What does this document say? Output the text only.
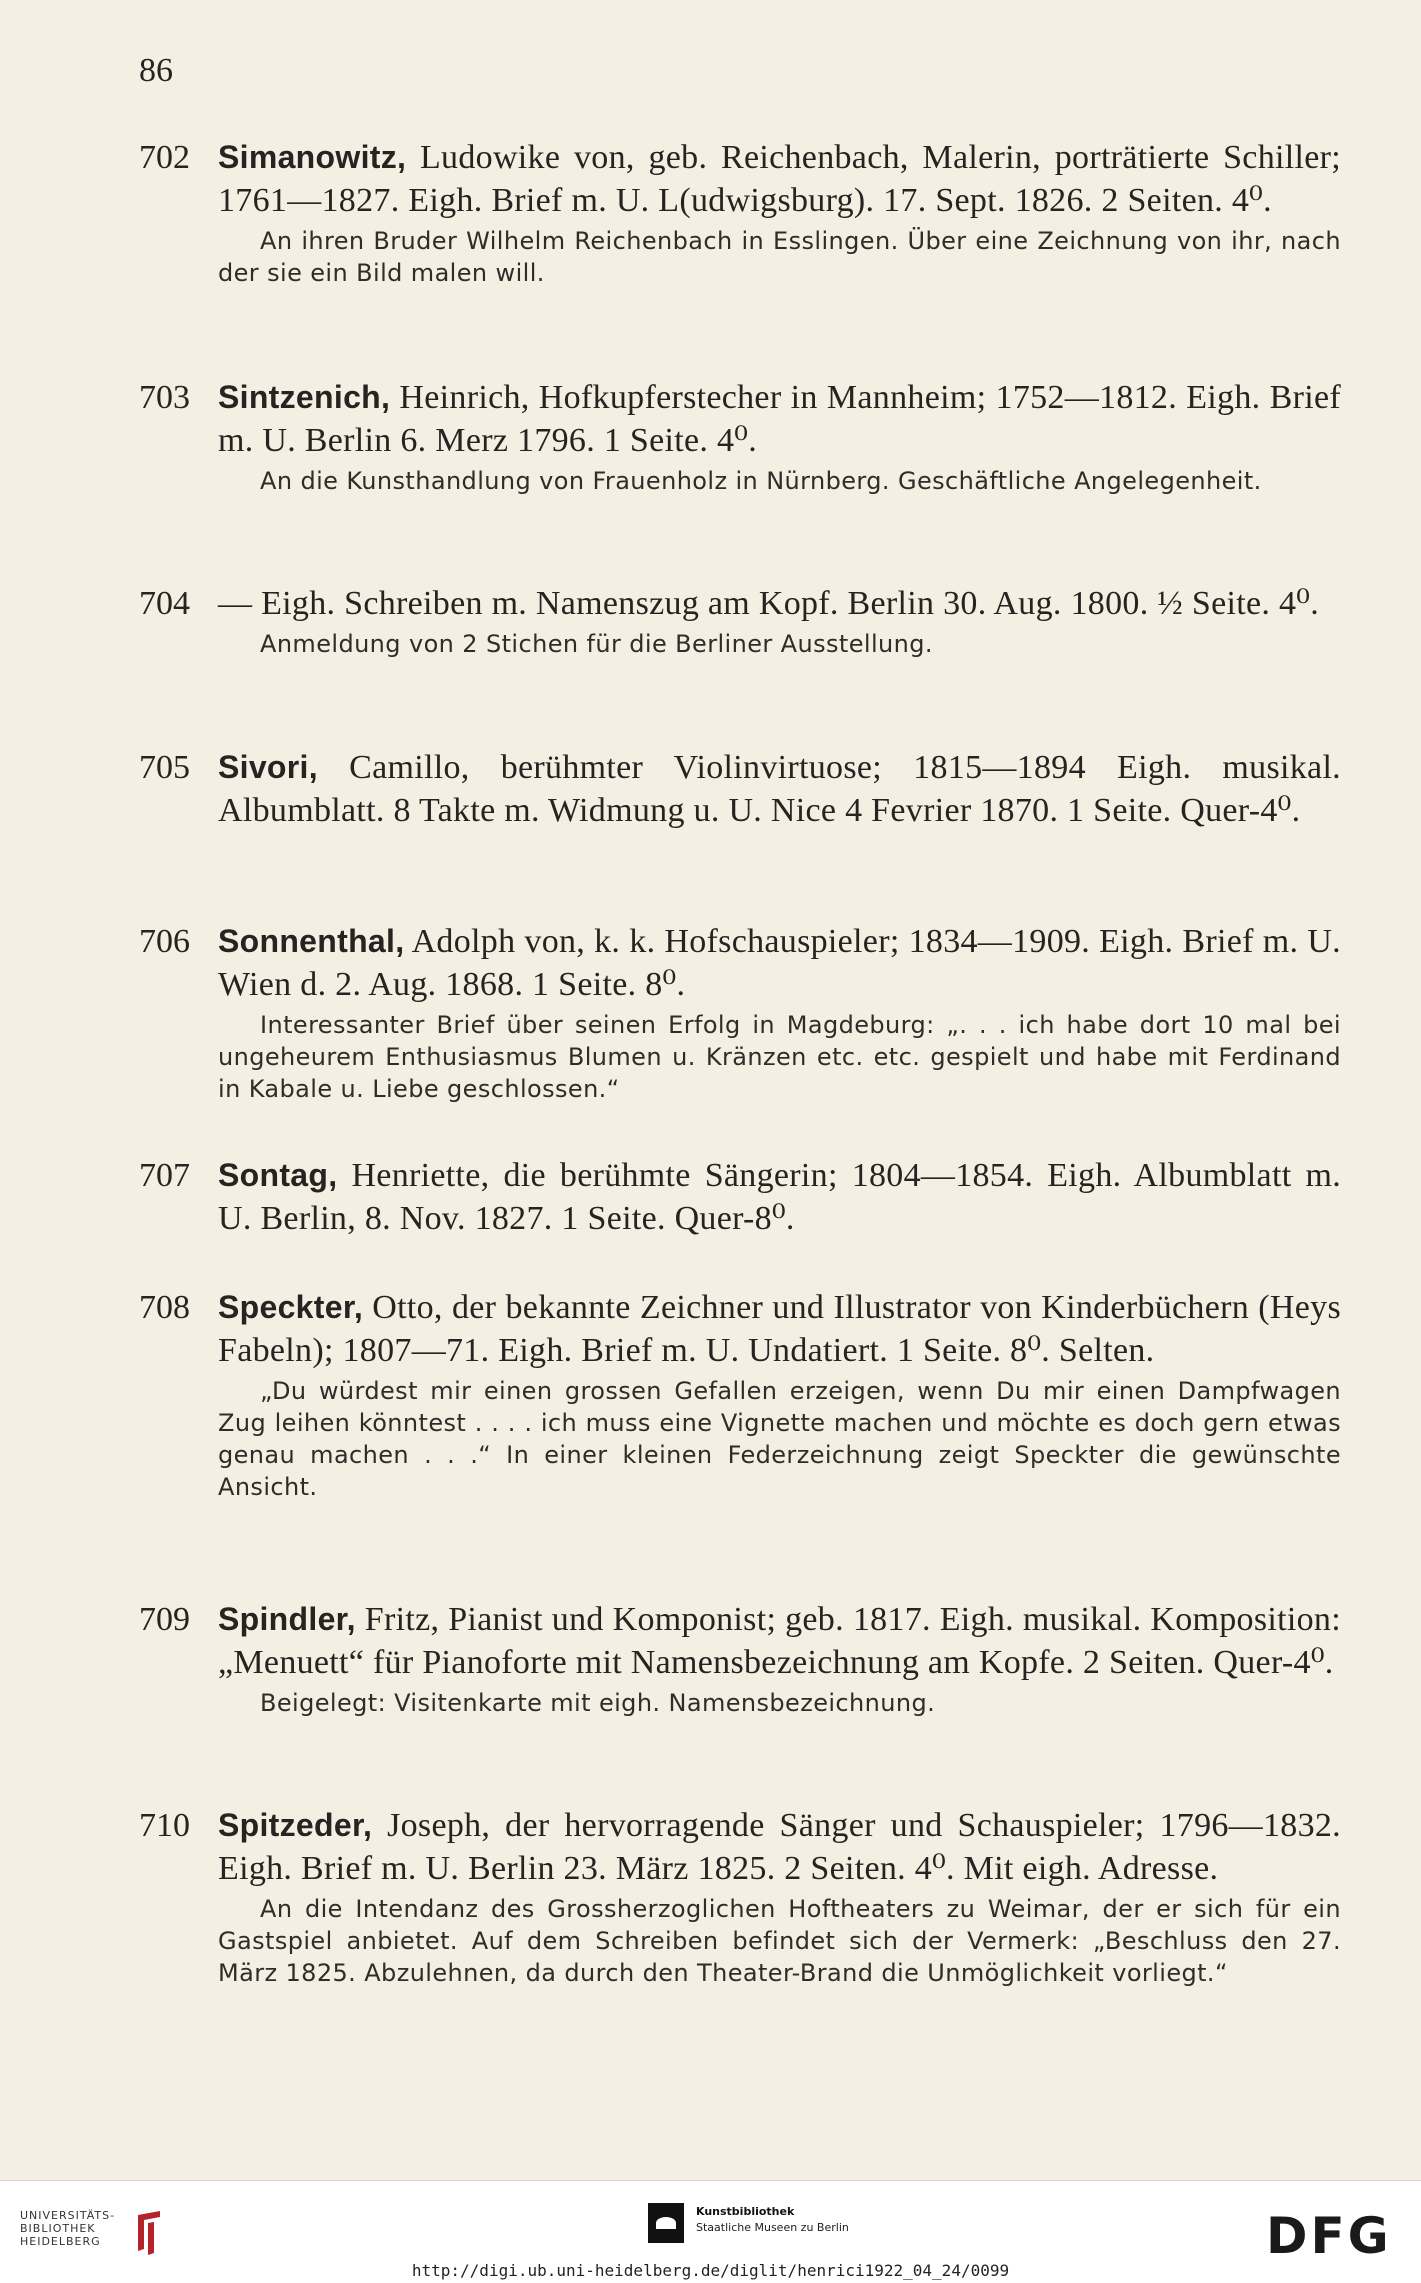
86
702 Simanowitz, Ludowike von, geb. Reichenbach, Malerin, porträtierte Schiller; 1761—1827. Eigh. Brief m. U. L(udwigsburg). 17. Sept. 1826. 2 Seiten. 4⁰.
An ihren Bruder Wilhelm Reichenbach in Esslingen. Über eine Zeichnung von ihr, nach der sie ein Bild malen will.
703 Sintzenich, Heinrich, Hofkupferstecher in Mannheim; 1752—1812. Eigh. Brief m. U. Berlin 6. Merz 1796. 1 Seite. 4⁰.
An die Kunsthandlung von Frauenholz in Nürnberg. Geschäftliche Angelegenheit.
704 — Eigh. Schreiben m. Namenszug am Kopf. Berlin 30. Aug. 1800. ½ Seite. 4⁰.
Anmeldung von 2 Stichen für die Berliner Ausstellung.
705 Sivori, Camillo, berühmter Violinvirtuose; 1815—1894 Eigh. musikal. Albumblatt. 8 Takte m. Widmung u. U. Nice 4 Fevrier 1870. 1 Seite. Quer-4⁰.
706 Sonnenthal, Adolph von, k. k. Hofschauspieler; 1834—1909. Eigh. Brief m. U. Wien d. 2. Aug. 1868. 1 Seite. 8⁰.
Interessanter Brief über seinen Erfolg in Magdeburg: „. . . ich habe dort 10 mal bei ungeheurem Enthusiasmus Blumen u. Kränzen etc. etc. gespielt und habe mit Ferdinand in Kabale u. Liebe geschlossen.“
707 Sontag, Henriette, die berühmte Sängerin; 1804—1854. Eigh. Albumblatt m. U. Berlin, 8. Nov. 1827. 1 Seite. Quer-8⁰.
708 Speckter, Otto, der bekannte Zeichner und Illustrator von Kinderbüchern (Heys Fabeln); 1807—71. Eigh. Brief m. U. Undatiert. 1 Seite. 8⁰. Selten.
„Du würdest mir einen grossen Gefallen erzeigen, wenn Du mir einen Dampfwagen Zug leihen könntest . . . . ich muss eine Vignette machen und möchte es doch gern etwas genau machen . . .“ In einer kleinen Federzeichnung zeigt Speckter die gewünschte Ansicht.
709 Spindler, Fritz, Pianist und Komponist; geb. 1817. Eigh. musikal. Komposition: „Menuett“ für Pianoforte mit Namensbezeichnung am Kopfe. 2 Seiten. Quer-4⁰.
Beigelegt: Visitenkarte mit eigh. Namensbezeichnung.
710 Spitzeder, Joseph, der hervorragende Sänger und Schauspieler; 1796—1832. Eigh. Brief m. U. Berlin 23. März 1825. 2 Seiten. 4⁰. Mit eigh. Adresse.
An die Intendanz des Grossherzoglichen Hoftheaters zu Weimar, der er sich für ein Gastspiel anbietet. Auf dem Schreiben befindet sich der Vermerk: „Beschluss den 27. März 1825. Abzulehnen, da durch den Theater-Brand die Unmöglichkeit vorliegt.“
UNIVERSITÄTS-
BIBLIOTHEK
HEIDELBERG
Kunstbibliothek
Staatliche Museen zu Berlin	DFG
http://digi.ub.uni-heidelberg.de/diglit/henrici1922_04_24/0099
